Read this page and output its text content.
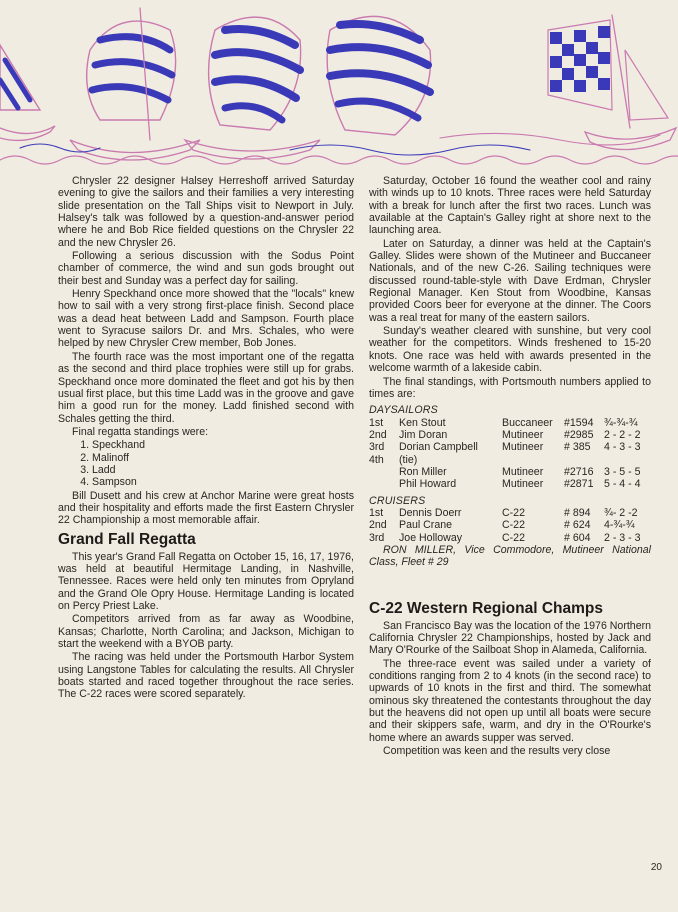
Chrysler 22 designer Halsey Herreshoff arrived Saturday evening to give the sailors and their families a very interesting slide presentation on the Tall Ships visit to Newport in July. Halsey's talk was followed by a question-and-answer period where he and Bob Rice fielded questions on the Chrysler 22 and the new Chrysler 26.

Following a serious discussion with the Sodus Point chamber of commerce, the wind and sun gods brought out their best and Sunday was a perfect day for sailing.

Henry Speckhand once more showed that the "locals" knew how to sail with a very strong first-place finish. Second place was a dead heat between Ladd and Sampson. Fourth place went to Syracuse sailors Dr. and Mrs. Schales, who were helped by new Chrysler Crew member, Bob Jones.

The fourth race was the most important one of the regatta as the second and third place trophies were still up for grabs. Speckhand once more dominated the fleet and got his by then usual first place, but this time Ladd was in the groove and gave him a good run for the money. Ladd finished second with Schales getting the third.

Final regatta standings were:

1. Speckhand
2. Malinoff
3. Ladd
4. Sampson

Bill Dusett and his crew at Anchor Marine were great hosts and their hospitality and efforts made the first Eastern Chrysler 22 Championship a most memorable affair.

Grand Fall Regatta

This year's Grand Fall Regatta on October 15, 16, 17, 1976, was held at beautiful Hermitage Landing, in Nashville, Tennessee. Races were held only ten minutes from Opryland and the Grand Ole Opry House. Hermitage Landing is located on Percy Priest Lake.

Competitors arrived from as far away as Woodbine, Kansas; Charlotte, North Carolina; and Jackson, Michigan to start the weekend with a BYOB party.

The racing was held under the Portsmouth Harbor System using Langstone Tables for calculating the results. All Chrysler boats started and raced together throughout the race series. The C-22 races were scored separately.

Saturday, October 16 found the weather cool and rainy with winds up to 10 knots. Three races were held Saturday with a break for lunch after the first two races. Lunch was available at the Captain's Galley right at shore next to the launching area.

Later on Saturday, a dinner was held at the Captain's Galley. Slides were shown of the Mutineer and Buccaneer Nationals, and of the new C-26. Sailing techniques were discussed round-table-style with Dave Erdman, Chrysler Regional Manager. Ken Stout from Woodbine, Kansas provided Coors beer for everyone at the dinner. The Coors was a real treat for many of the eastern sailors.

Sunday's weather cleared with sunshine, but very cool weather for the competitors. Winds freshened to 15-20 knots. One race was held with awards presented in the welcome warmth of a lakeside cabin.

The final standings, with Portsmouth numbers applied to times are:

DAYSAILORS
1st	Ken Stout	Buccaneer	#1594	¾-¾-¾
2nd	Jim Doran	Mutineer	#2985	2 - 2 - 2
3rd	Dorian Campbell	Mutineer	# 385	4 - 3 - 3
4th	(tie)			
	Ron Miller	Mutineer	#2716	3 - 5 - 5
	Phil Howard	Mutineer	#2871	5 - 4 - 4
CRUISERS
1st	Dennis Doerr	C-22	# 894	¾- 2 -2
2nd	Paul Crane	C-22	# 624	4-¾-¾
3rd	Joe Holloway	C-22	# 604	2 - 3 - 3

RON MILLER, Vice Commodore, Mutineer National Class, Fleet # 29

C-22 Western Regional Champs

San Francisco Bay was the location of the 1976 Northern California Chrysler 22 Championships, hosted by Jack and Mary O'Rourke of the Sailboat Shop in Alameda, California.

The three-race event was sailed under a variety of conditions ranging from 2 to 4 knots (in the second race) to upwards of 10 knots in the first and third. The somewhat ominous sky threatened the contestants throughout the day but the heavens did not open up until all boats were secure and their skippers safe, warm, and dry in the O'Rourke's home where an awards supper was served.

Competition was keen and the results very close

20
